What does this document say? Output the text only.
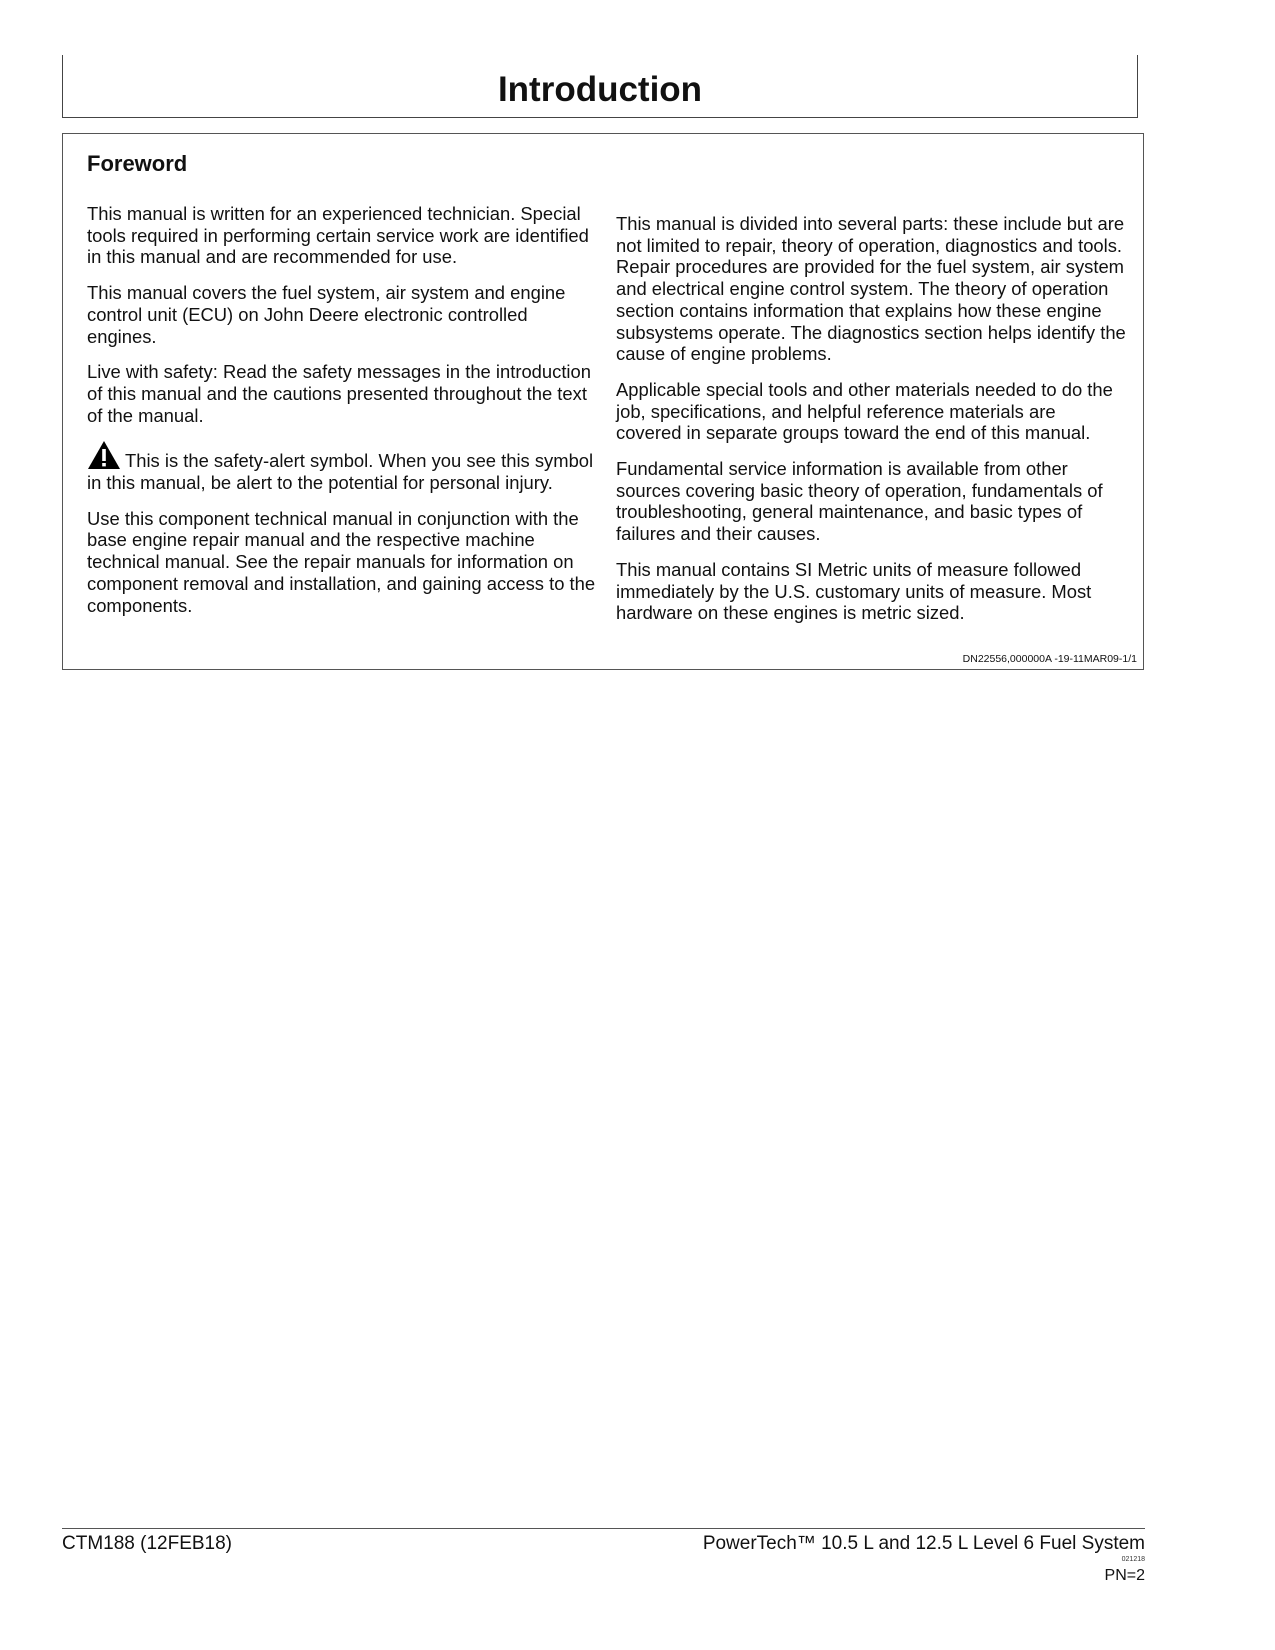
Introduction
Foreword

This manual is written for an experienced technician. Special tools required in performing certain service work are identified in this manual and are recommended for use.

This manual covers the fuel system, air system and engine control unit (ECU) on John Deere electronic controlled engines.

Live with safety: Read the safety messages in the introduction of this manual and the cautions presented throughout the text of the manual.

This is the safety-alert symbol. When you see this symbol in this manual, be alert to the potential for personal injury.

Use this component technical manual in conjunction with the base engine repair manual and the respective machine technical manual. See the repair manuals for information on component removal and installation, and gaining access to the components.

This manual is divided into several parts: these include but are not limited to repair, theory of operation, diagnostics and tools. Repair procedures are provided for the fuel system, air system and electrical engine control system. The theory of operation section contains information that explains how these engine subsystems operate. The diagnostics section helps identify the cause of engine problems.

Applicable special tools and other materials needed to do the job, specifications, and helpful reference materials are covered in separate groups toward the end of this manual.

Fundamental service information is available from other sources covering basic theory of operation, fundamentals of troubleshooting, general maintenance, and basic types of failures and their causes.

This manual contains SI Metric units of measure followed immediately by the U.S. customary units of measure. Most hardware on these engines is metric sized.

DN22556,000000A -19-11MAR09-1/1
CTM188 (12FEB18)	PowerTech™ 10.5 L and 12.5 L Level 6 Fuel System
021218
PN=2
